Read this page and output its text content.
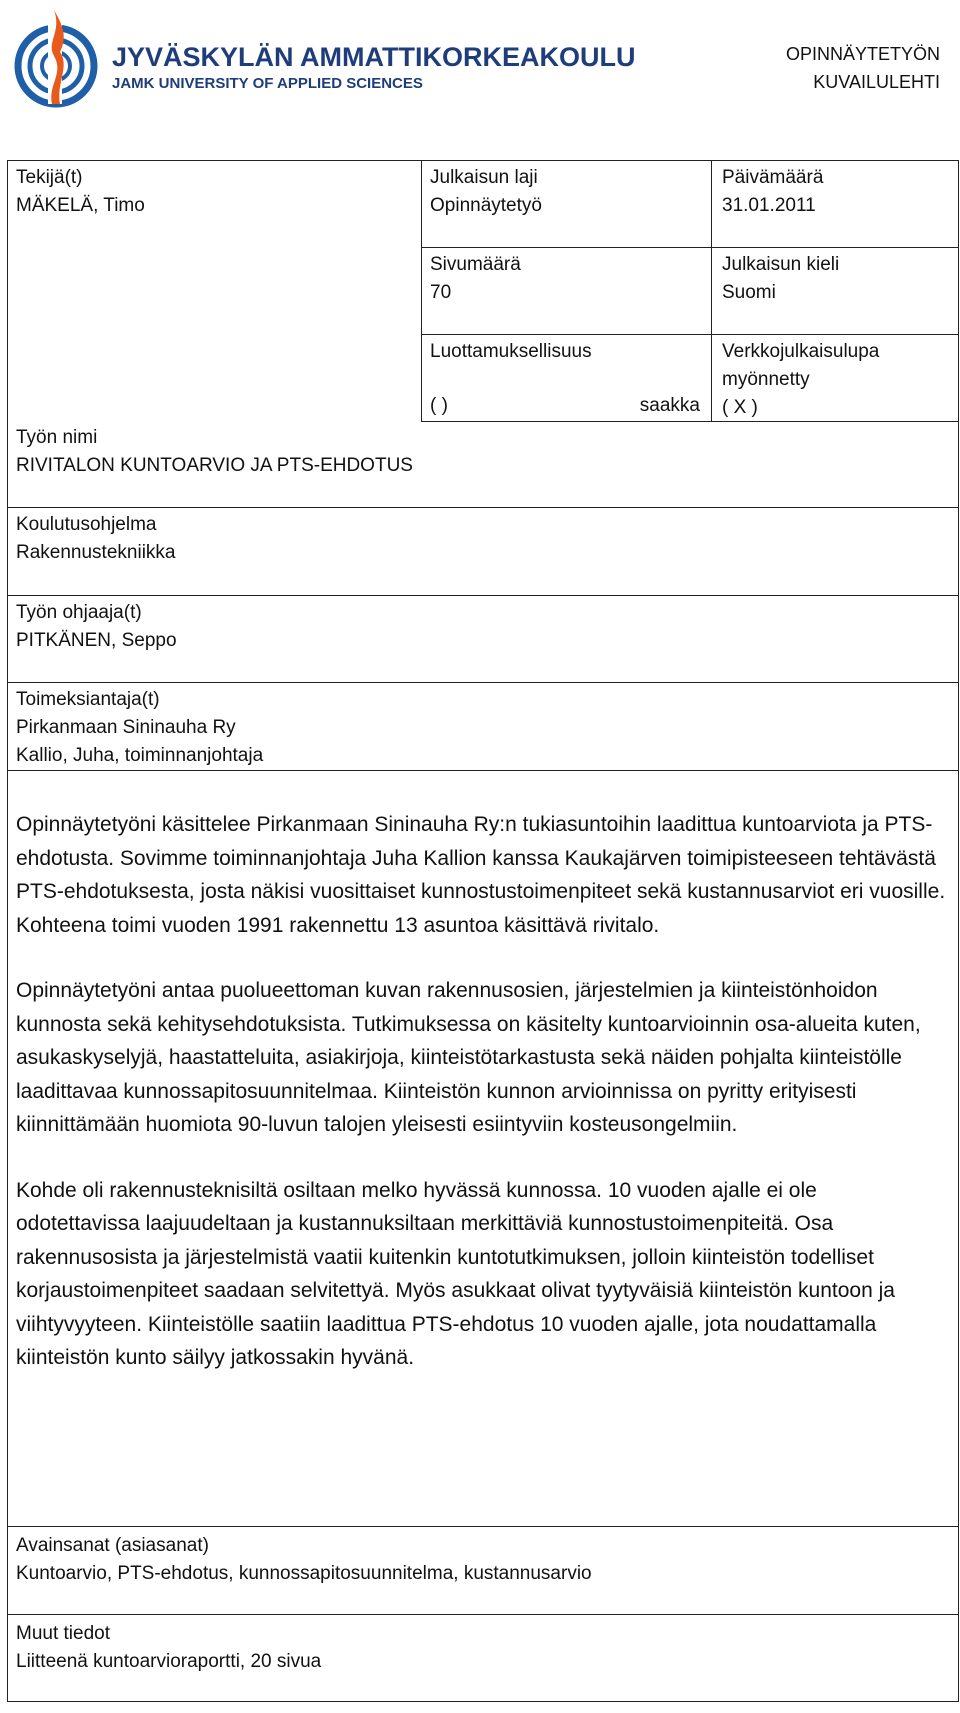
JYVÄSKYLÄN AMMATTIKORKEAKOULU
JAMK UNIVERSITY OF APPLIED SCIENCES
OPINNÄYTETYÖN
KUVAILULEHTI
Tekijä(t)
MÄKELÄ, Timo
Julkaisun laji
Opinnäytetyö
Päivämäärä
31.01.2011
Sivumäärä
70
Julkaisun kieli
Suomi
Luottamuksellisuus
( )	saakka
Verkkojulkaisulupa
myönnetty
( X )
Työn nimi
RIVITALON KUNTOARVIO JA PTS-EHDOTUS
Koulutusohjelma
Rakennustekniikka
Työn ohjaaja(t)
PITKÄNEN, Seppo
Toimeksiantaja(t)
Pirkanmaan Sininauha Ry
Kallio, Juha, toiminnanjohtaja

Opinnäytetyöni käsittelee Pirkanmaan Sininauha Ry:n tukiasuntoihin laadittua kuntoarviota ja PTS-ehdotusta. Sovimme toiminnanjohtaja Juha Kallion kanssa Kaukajärven toimipisteeseen tehtävästä PTS-ehdotuksesta, josta näkisi vuosittaiset kunnostustoimenpiteet sekä kustannusarviot eri vuosille. Kohteena toimi vuoden 1991 rakennettu 13 asuntoa käsittävä rivitalo.

Opinnäytetyöni antaa puolueettoman kuvan rakennusosien, järjestelmien ja kiinteistönhoidon kunnosta sekä kehitysehdotuksista. Tutkimuksessa on käsitelty kuntoarvioinnin osa-alueita kuten, asukaskyselyjä, haastatteluita, asiakirjoja, kiinteistötarkastusta sekä näiden pohjalta kiinteistölle laadittavaa kunnossapitosuunnitelmaa. Kiinteistön kunnon arvioinnissa on pyritty erityisesti kiinnittämään huomiota 90-luvun talojen yleisesti esiintyviin kosteusongelmiin.

Kohde oli rakennusteknisiltä osiltaan melko hyvässä kunnossa. 10 vuoden ajalle ei ole odotettavissa laajuudeltaan ja kustannuksiltaan merkittäviä kunnostustoimenpiteitä. Osa rakennusosista ja järjestelmistä vaatii kuitenkin kuntotutkimuksen, jolloin kiinteistön todelliset korjaustoimenpiteet saadaan selvitettyä. Myös asukkaat olivat tyytyväisiä kiinteistön kuntoon ja viihtyvyyteen. Kiinteistölle saatiin laadittua PTS-ehdotus 10 vuoden ajalle, jota noudattamalla kiinteistön kunto säilyy jatkossakin hyvänä.

Avainsanat (asiasanat)
Kuntoarvio, PTS-ehdotus, kunnossapitosuunnitelma, kustannusarvio
Muut tiedot
Liitteenä kuntoarvioraportti, 20 sivua
